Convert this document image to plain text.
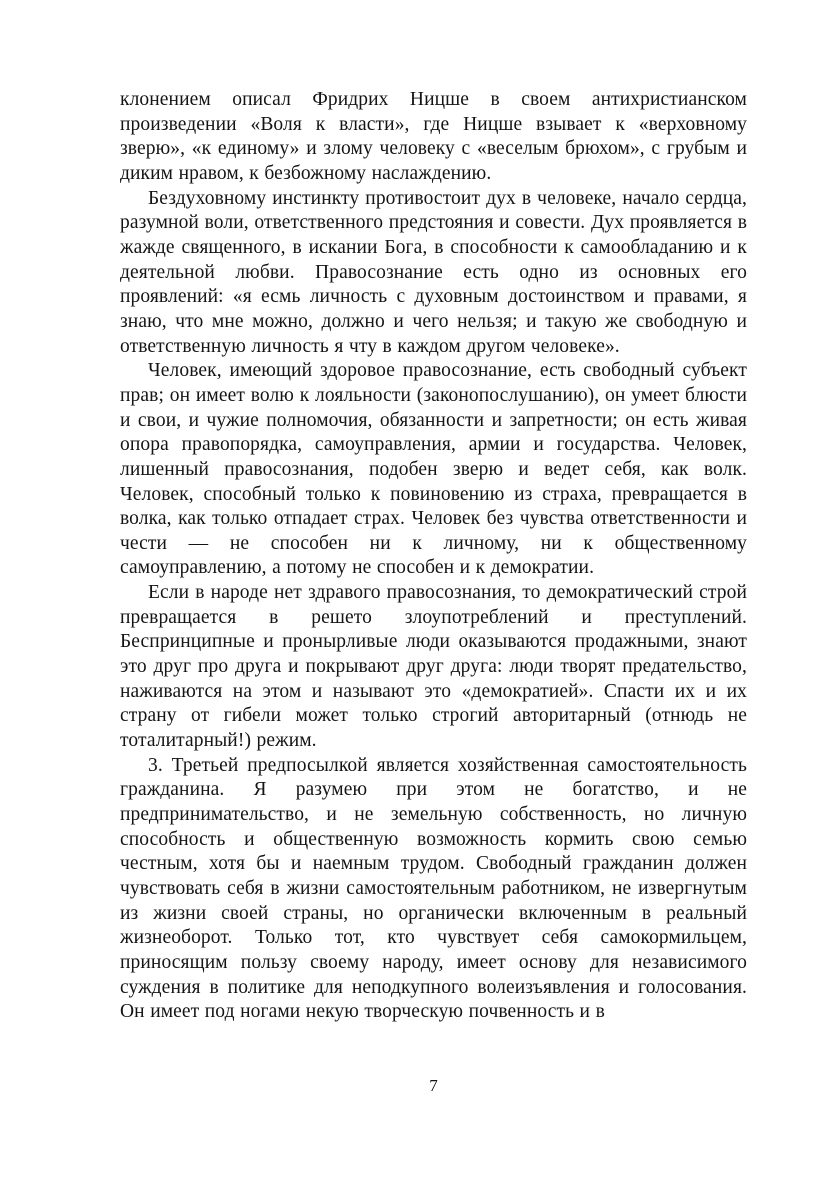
клонением описал Фридрих Ницше в своем антихристианском произведении «Воля к власти», где Ницше взывает к «верховному зверю», «к единому» и злому человеку с «веселым брюхом», с грубым и диким нравом, к безбожному наслаждению.

Бездуховному инстинкту противостоит дух в человеке, начало сердца, разумной воли, ответственного предстояния и совести. Дух проявляется в жажде священного, в искании Бога, в способности к самообладанию и к деятельной любви. Правосознание есть одно из основных его проявлений: «я есмь личность с духовным достоинством и правами, я знаю, что мне можно, должно и чего нельзя; и такую же свободную и ответственную личность я чту в каждом другом человеке».

Человек, имеющий здоровое правосознание, есть свободный субъект прав; он имеет волю к лояльности (законопослушанию), он умеет блюсти и свои, и чужие полномочия, обязанности и запретности; он есть живая опора правопорядка, самоуправления, армии и государства. Человек, лишенный правосознания, подобен зверю и ведет себя, как волк. Человек, способный только к повиновению из страха, превращается в волка, как только отпадает страх. Человек без чувства ответственности и чести — не способен ни к личному, ни к общественному самоуправлению, а потому не способен и к демократии.

Если в народе нет здравого правосознания, то демократический строй превращается в решето злоупотреблений и преступлений. Беспринципные и пронырливые люди оказываются продажными, знают это друг про друга и покрывают друг друга: люди творят предательство, наживаются на этом и называют это «демократией». Спасти их и их страну от гибели может только строгий авторитарный (отнюдь не тоталитарный!) режим.

3. Третьей предпосылкой является хозяйственная самостоятельность гражданина. Я разумею при этом не богатство, и не предпринимательство, и не земельную собственность, но личную способность и общественную возможность кормить свою семью честным, хотя бы и наемным трудом. Свободный гражданин должен чувствовать себя в жизни самостоятельным работником, не извергнутым из жизни своей страны, но органически включенным в реальный жизнеоборот. Только тот, кто чувствует себя самокормильцем, приносящим пользу своему народу, имеет основу для независимого суждения в политике для неподкупного волеизъявления и голосования. Он имеет под ногами некую творческую почвенность и в

7
